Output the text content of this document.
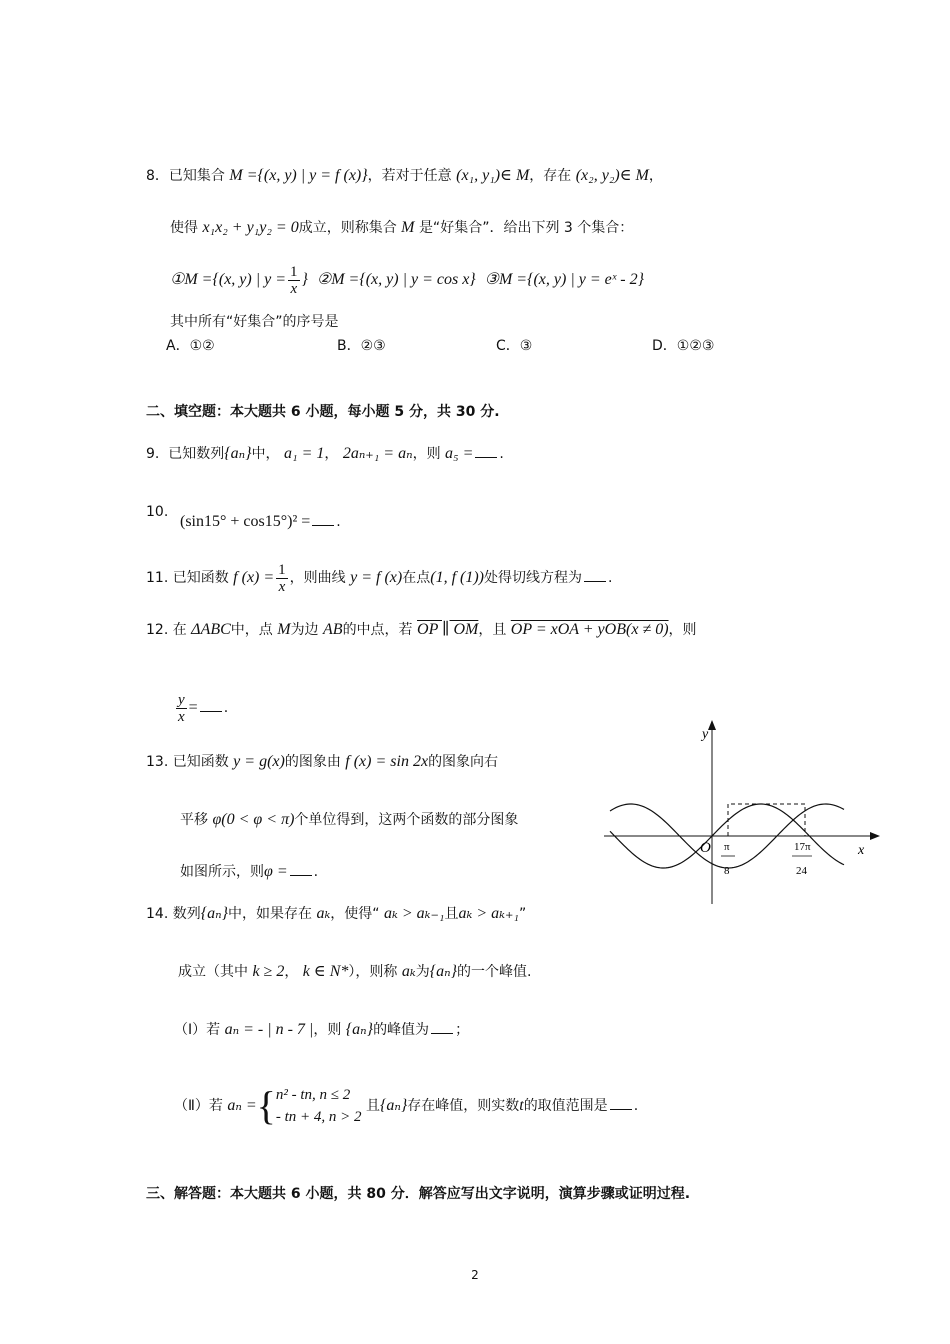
8．已知集合 M ={(x, y) | y = f (x)}，若对于任意 (x₁, y₁)∈ M，存在 (x₂, y₂)∈ M，
使得 x₁x₂ + y₁y₂ = 0成立，则称集合 M 是“好集合”．给出下列 3 个集合：
①M ={(x, y) | $y = \frac{1}{x}$ } ②M ={(x, y) | y = cos x} ③M ={(x, y) | y = eˣ - 2}
其中所有“好集合”的序号是
A．①②	B．②③	C．③	D．①②③
二、填空题：本大题共 6 小题，每小题 5 分，共 30 分.
9. 已知数列{aₙ}中， a₁ = 1， 2aₙ₊₁ = aₙ，则 a₅ = .
10.
(sin15° + cos15°)² = .
11. 已知函数 f $(x) = \frac{1}{x}$ ，则曲线 y = f (x)在点(1, f (1))处得切线方程为 .
12. 在 ΔABC中，点 M为边 AB的中点，若 OP ∥ OM，且 OP = xOA + yOB(x ≠ 0)，则
$\frac{y}{x}$ = .
13. 已知函数 y = g(x)的图象由 f (x) = sin 2x的图象向右
平移 φ(0 < φ < π)个单位得到，这两个函数的部分图象
如图所示，则φ = .
y
x
O π
8
17π
24
14. 数列{aₙ}中，如果存在 aₖ，使得“ aₖ > aₖ₋₁且aₖ > aₖ₊₁”
成立（其中 k ≥ 2， k ∈ N*），则称 aₖ为{aₙ}的一个峰值.
（Ⅰ）若 aₙ = - | n - 7 |，则 {aₙ}的峰值为 ；
（Ⅱ）若 aₙ ={ n² - tn, n ≤ 2
- tn + 4, n > 2
且{aₙ}存在峰值，则实数t的取值范围是 .
三、解答题：本大题共 6 小题，共 80 分．解答应写出文字说明，演算步骤或证明过程.
2
